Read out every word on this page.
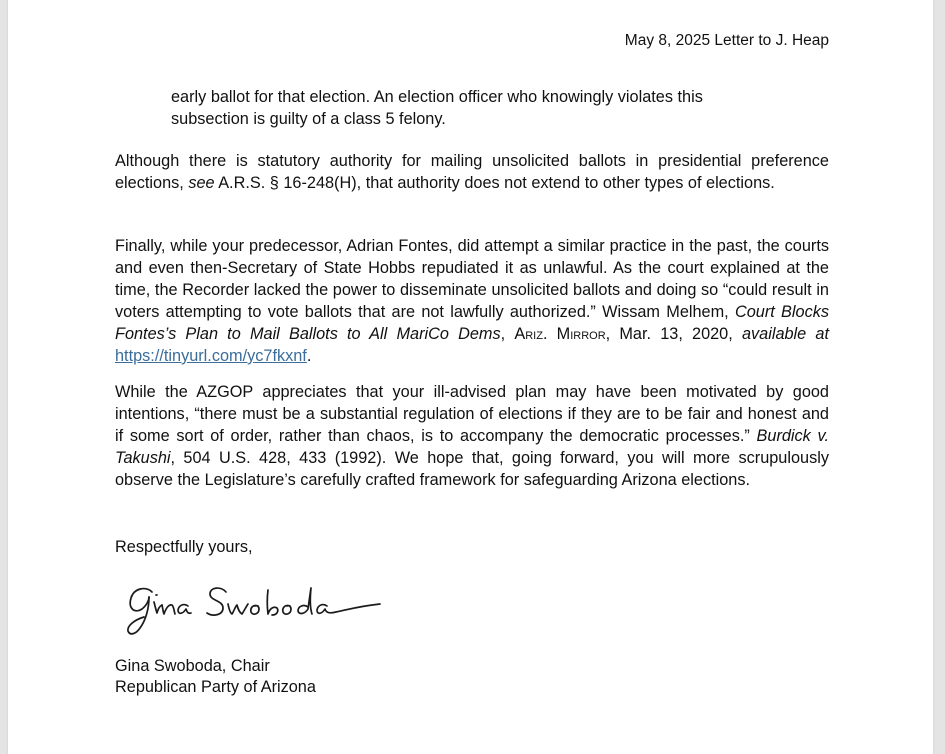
May 8, 2025 Letter to J. Heap
early ballot for that election. An election officer who knowingly violates this
subsection is guilty of a class 5 felony.
Although there is statutory authority for mailing unsolicited ballots in presidential preference elections, see A.R.S. § 16-248(H), that authority does not extend to other types of elections.
Finally, while your predecessor, Adrian Fontes, did attempt a similar practice in the past, the courts and even then-Secretary of State Hobbs repudiated it as unlawful. As the court explained at the time, the Recorder lacked the power to disseminate unsolicited ballots and doing so “could result in voters attempting to vote ballots that are not lawfully authorized.” Wissam Melhem, Court Blocks Fontes’s Plan to Mail Ballots to All MariCo Dems, Ariz. Mirror, Mar. 13, 2020, available at https://tinyurl.com/yc7fkxnf.
While the AZGOP appreciates that your ill-advised plan may have been motivated by good intentions, “there must be a substantial regulation of elections if they are to be fair and honest and if some sort of order, rather than chaos, is to accompany the democratic processes.” Burdick v. Takushi, 504 U.S. 428, 433 (1992). We hope that, going forward, you will more scrupulously observe the Legislature’s carefully crafted framework for safeguarding Arizona elections.
Respectfully yours,
Gina Swoboda, Chair
Republican Party of Arizona
